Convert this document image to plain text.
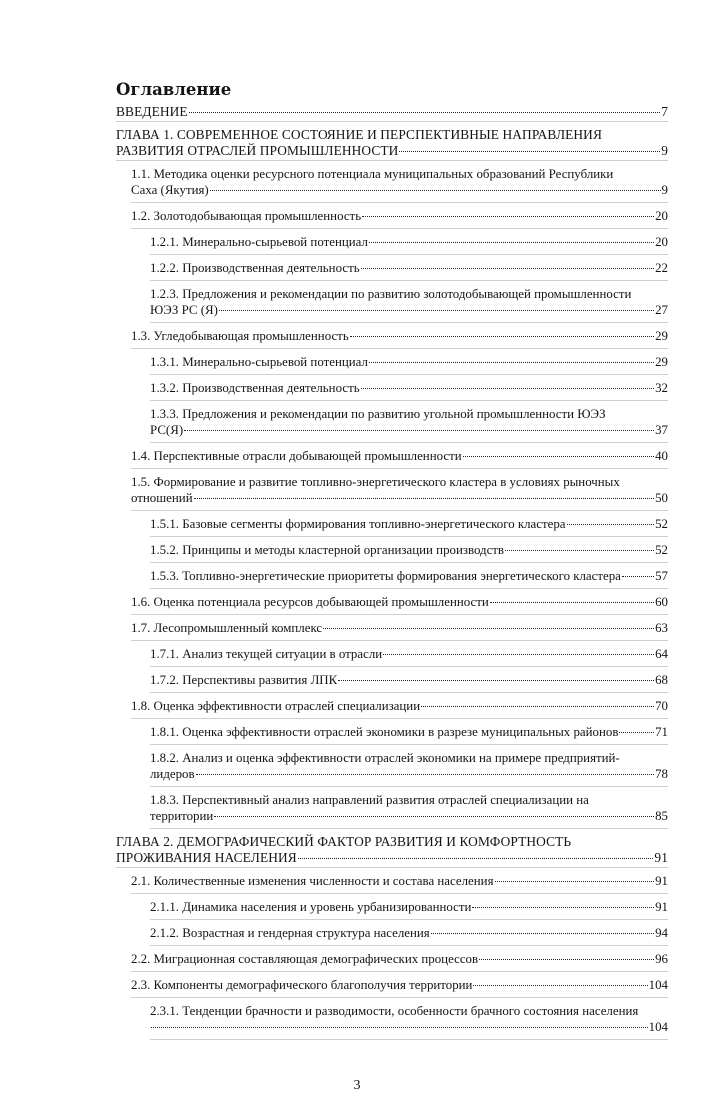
Оглавление
ВВЕДЕНИЕ	7
ГЛАВА 1. СОВРЕМЕННОЕ СОСТОЯНИЕ И ПЕРСПЕКТИВНЫЕ НАПРАВЛЕНИЯ
РАЗВИТИЯ ОТРАСЛЕЙ ПРОМЫШЛЕННОСТИ	9
1.1. Методика оценки ресурсного потенциала муниципальных образований Республики
Саха (Якутия)	9
1.2. Золотодобывающая промышленность	20
1.2.1. Минерально-сырьевой потенциал	20
1.2.2. Производственная деятельность	22
1.2.3. Предложения и рекомендации по развитию золотодобывающей промышленности
ЮЭЗ РС (Я)	27
1.3. Угледобывающая промышленность	29
1.3.1. Минерально-сырьевой потенциал	29
1.3.2. Производственная деятельность	32
1.3.3. Предложения и рекомендации по развитию угольной промышленности ЮЭЗ
РС(Я)	37
1.4. Перспективные отрасли добывающей промышленности	40
1.5. Формирование и развитие топливно-энергетического кластера в условиях рыночных
отношений	50
1.5.1. Базовые сегменты формирования топливно-энергетического кластера	52
1.5.2. Принципы и методы кластерной организации производств	52
1.5.3. Топливно-энергетические приоритеты формирования энергетического кластера	57
1.6. Оценка потенциала ресурсов добывающей промышленности	60
1.7. Лесопромышленный комплекс	63
1.7.1. Анализ текущей ситуации в отрасли	64
1.7.2. Перспективы развития ЛПК	68
1.8. Оценка эффективности отраслей специализации	70
1.8.1. Оценка эффективности отраслей экономики в разрезе муниципальных районов	71
1.8.2. Анализ и оценка эффективности отраслей экономики на примере предприятий-
лидеров	78
1.8.3. Перспективный анализ направлений развития отраслей специализации на
территории	85
ГЛАВА 2. ДЕМОГРАФИЧЕСКИЙ ФАКТОР РАЗВИТИЯ И КОМФОРТНОСТЬ
ПРОЖИВАНИЯ НАСЕЛЕНИЯ	91
2.1. Количественные изменения численности и состава населения	91
2.1.1. Динамика населения и уровень урбанизированности	91
2.1.2. Возрастная и гендерная структура населения	94
2.2. Миграционная составляющая демографических процессов	96
2.3. Компоненты демографического благополучия территории	104
2.3.1. Тенденции брачности и разводимости, особенности брачного состояния населения
104
3
